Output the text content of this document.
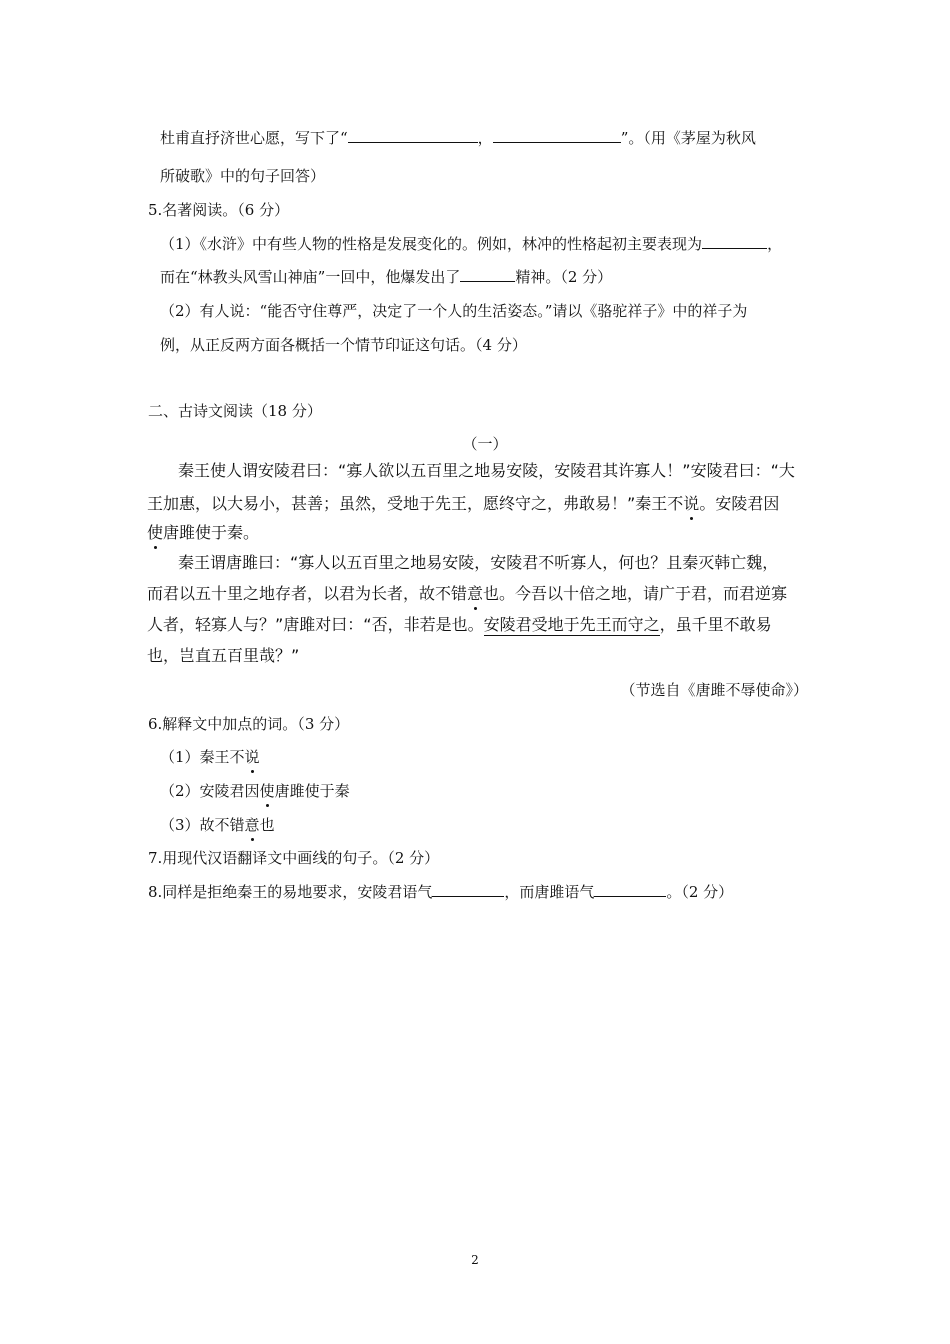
杜甫直抒济世心愿，写下了“	，	”。（用《茅屋为秋风
所破歌》中的句子回答）
5.名著阅读。（6 分）
（1）《水浒》中有些人物的性格是发展变化的。例如，林冲的性格起初主要表现为	，
而在“林教头风雪山神庙”一回中，他爆发出了	精神。（2 分）
（2）有人说：“能否守住尊严，决定了一个人的生活姿态。”请以《骆驼祥子》中的祥子为
例，从正反两方面各概括一个情节印证这句话。（4 分）
二、古诗文阅读（18 分）
（一）
秦王使人谓安陵君曰：“寡人欲以五百里之地易安陵，安陵君其许寡人！”安陵君曰：“大
王加惠，以大易小，甚善；虽然，受地于先王，愿终守之，弗敢易！”秦王不说。安陵君因
使唐雎使于秦。
秦王谓唐雎曰：“寡人以五百里之地易安陵，安陵君不听寡人，何也？且秦灭韩亡魏，
而君以五十里之地存者，以君为长者，故不错意也。今吾以十倍之地，请广于君，而君逆寡
人者，轻寡人与？”唐雎对曰：“否，非若是也。安陵君受地于先王而守之，虽千里不敢易
也，岂直五百里哉？”
（节选自《唐雎不辱使命》）
6.解释文中加点的词。（3 分）
（1）秦王不说
（2）安陵君因使唐雎使于秦
（3）故不错意也
7.用现代汉语翻译文中画线的句子。（2 分）
8.同样是拒绝秦王的易地要求，安陵君语气	，而唐雎语气	。（2 分）
2
